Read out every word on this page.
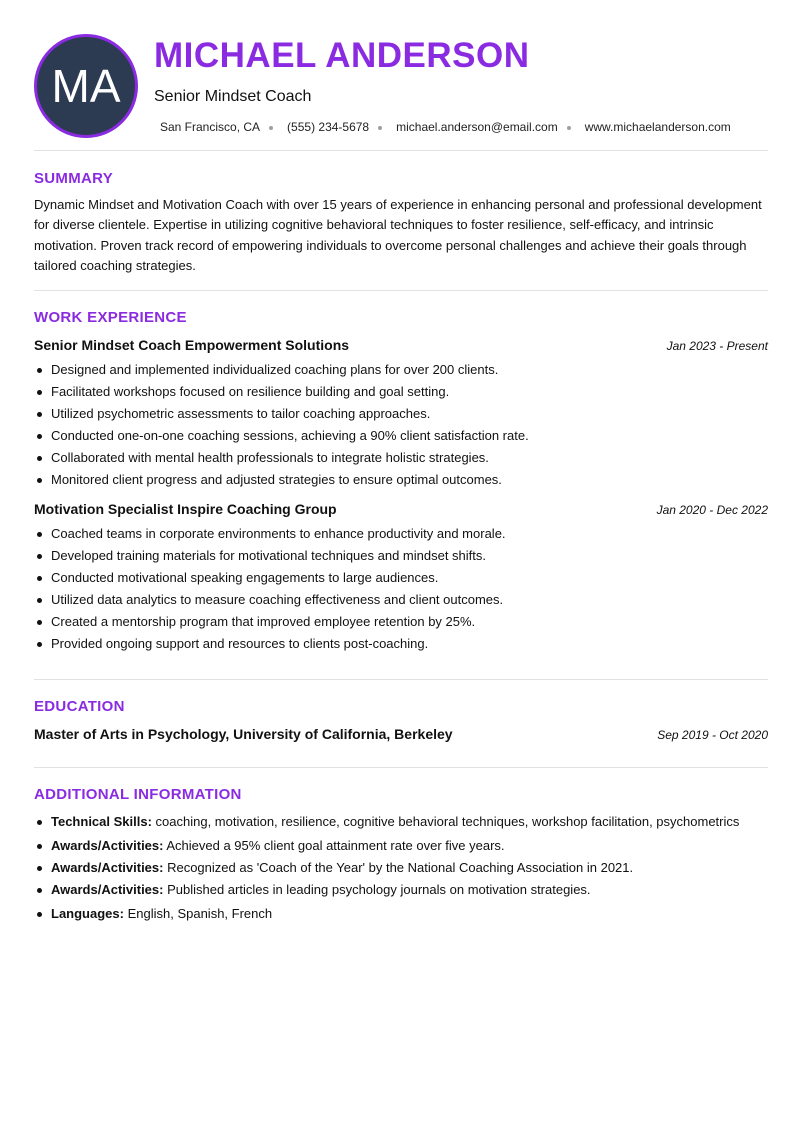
MA
MICHAEL ANDERSON
Senior Mindset Coach
San Francisco, CA (555) 234-5678 michael.anderson@email.com www.michaelanderson.com
SUMMARY

Dynamic Mindset and Motivation Coach with over 15 years of experience in enhancing personal and professional development for diverse clientele. Expertise in utilizing cognitive behavioral techniques to foster resilience, self-efficacy, and intrinsic motivation. Proven track record of empowering individuals to overcome personal challenges and achieve their goals through tailored coaching strategies.

WORK EXPERIENCE
Senior Mindset Coach Empowerment Solutions	Jan 2023 - Present
Designed and implemented individualized coaching plans for over 200 clients.
Facilitated workshops focused on resilience building and goal setting.
Utilized psychometric assessments to tailor coaching approaches.
Conducted one-on-one coaching sessions, achieving a 90% client satisfaction rate.
Collaborated with mental health professionals to integrate holistic strategies.
Monitored client progress and adjusted strategies to ensure optimal outcomes.
Motivation Specialist Inspire Coaching Group	Jan 2020 - Dec 2022
Coached teams in corporate environments to enhance productivity and morale.
Developed training materials for motivational techniques and mindset shifts.
Conducted motivational speaking engagements to large audiences.
Utilized data analytics to measure coaching effectiveness and client outcomes.
Created a mentorship program that improved employee retention by 25%.
Provided ongoing support and resources to clients post-coaching.
EDUCATION
Master of Arts in Psychology, University of California, Berkeley	Sep 2019 - Oct 2020
ADDITIONAL INFORMATION
Technical Skills: coaching, motivation, resilience, cognitive behavioral techniques, workshop facilitation, psychometrics
Awards/Activities: Achieved a 95% client goal attainment rate over five years.
Awards/Activities: Recognized as 'Coach of the Year' by the National Coaching Association in 2021.
Awards/Activities: Published articles in leading psychology journals on motivation strategies.
Languages: English, Spanish, French
